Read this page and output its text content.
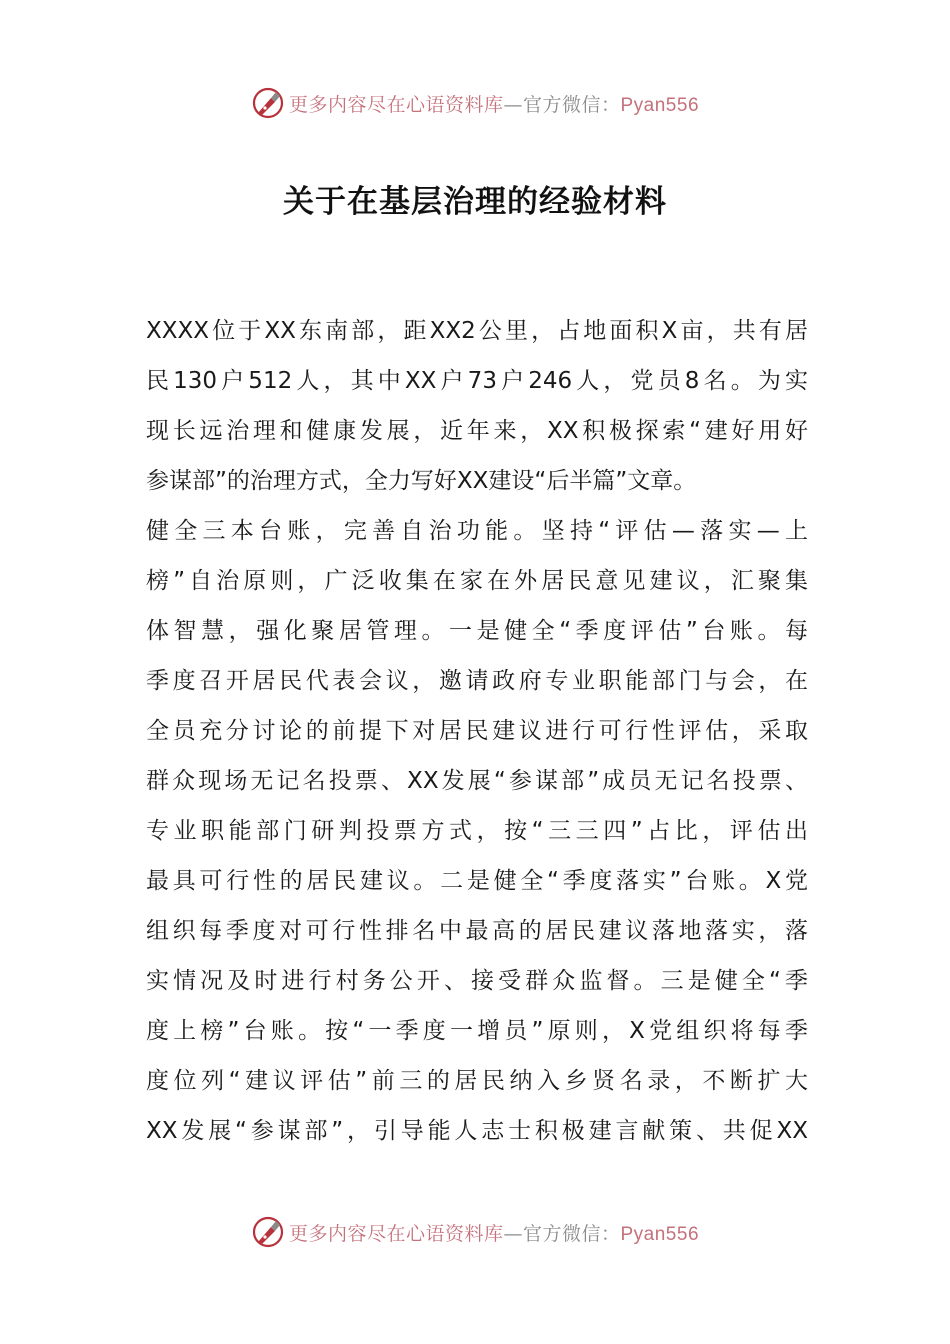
更多内容尽在心语资料库—官方微信：Pyan556
关于在基层治理的经验材料
XXXX位于XX东南部，距XX2公里，占地面积X亩，共有居
民130户512人，其中XX户73户246人，党员8名。为实
现长远治理和健康发展，近年来，XX积极探索“建好用好
参谋部”的治理方式，全力写好XX建设“后半篇”文章。
健全三本台账，完善自治功能。坚持“评估—落实—上
榜”自治原则，广泛收集在家在外居民意见建议，汇聚集
体智慧，强化聚居管理。一是健全“季度评估”台账。每
季度召开居民代表会议，邀请政府专业职能部门与会，在
全员充分讨论的前提下对居民建议进行可行性评估，采取
群众现场无记名投票、XX发展“参谋部”成员无记名投票、
专业职能部门研判投票方式，按“三三四”占比，评估出
最具可行性的居民建议。二是健全“季度落实”台账。X党
组织每季度对可行性排名中最高的居民建议落地落实，落
实情况及时进行村务公开、接受群众监督。三是健全“季
度上榜”台账。按“一季度一增员”原则，X党组织将每季
度位列“建议评估”前三的居民纳入乡贤名录，不断扩大
XX发展“参谋部”，引导能人志士积极建言献策、共促XX
更多内容尽在心语资料库—官方微信：Pyan556
